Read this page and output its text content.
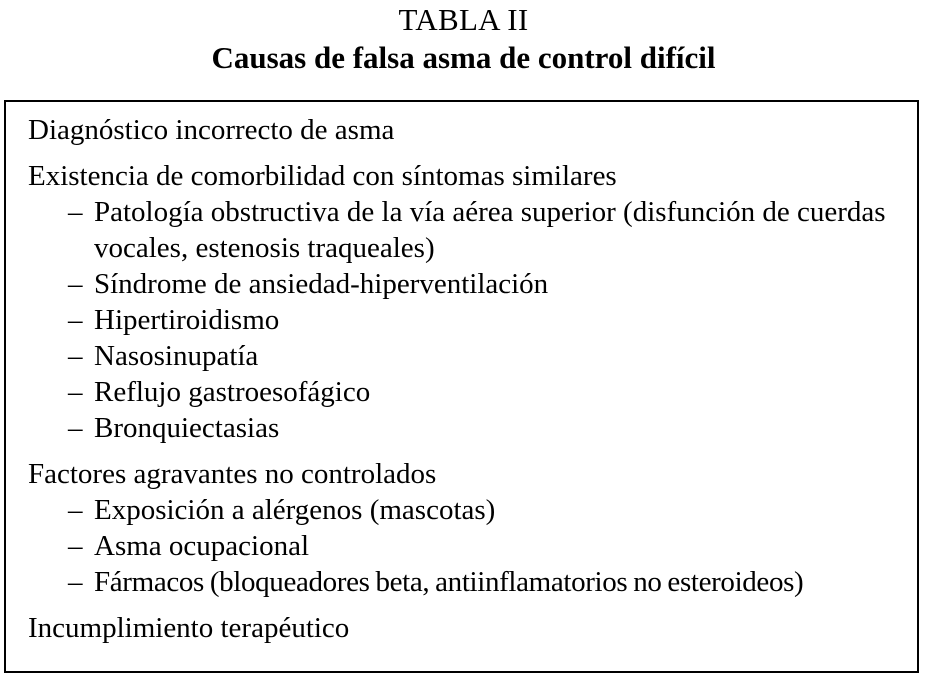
TABLA II
Causas de falsa asma de control difícil
Diagnóstico incorrecto de asma
Existencia de comorbilidad con síntomas similares
– Patología obstructiva de la vía aérea superior (disfunción de cuerdas vocales, estenosis traqueales)
– Síndrome de ansiedad-hiperventilación
– Hipertiroidismo
– Nasosinupatía
– Reflujo gastroesofágico
– Bronquiectasias
Factores agravantes no controlados
– Exposición a alérgenos (mascotas)
– Asma ocupacional
– Fármacos (bloqueadores beta, antiinflamatorios no esteroideos)
Incumplimiento terapéutico
